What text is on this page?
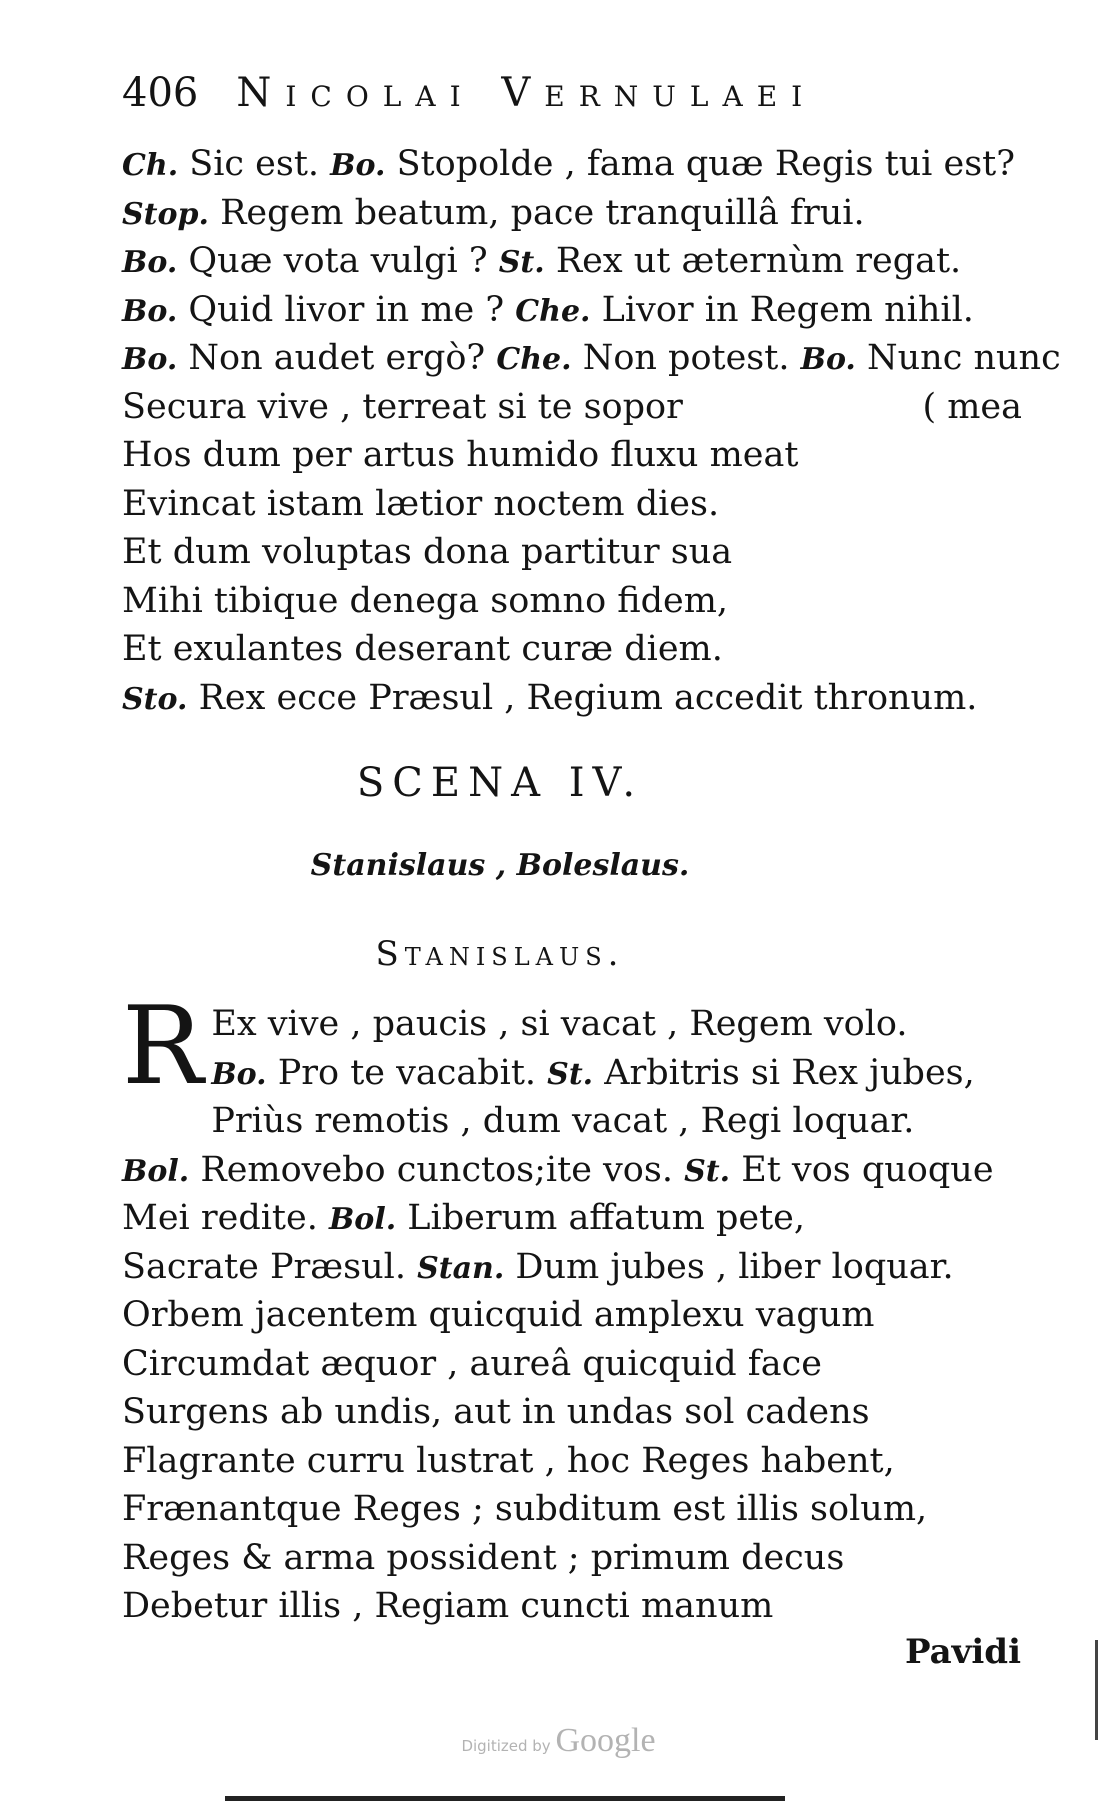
406 Nicolai Vernulaei
Ch. Sic est. Bo. Stopolde , fama quæ Regis tui est?
Stop. Regem beatum, pace tranquillâ frui.
Bo. Quæ vota vulgi ? St. Rex ut æternùm regat.
Bo. Quid livor in me ? Che. Livor in Regem nihil.
Bo. Non audet ergò? Che. Non potest. Bo. Nunc nunc
Secura vive , terreat si te sopor	( mea
Hos dum per artus humido fluxu meat
Evincat istam lætior noctem dies.
Et dum voluptas dona partitur sua
Mihi tibique denega somno fidem,
Et exulantes deserant curæ diem.
Sto. Rex ecce Præsul , Regium accedit thronum.
SCENA IV.
Stanislaus , Boleslaus.
Stanislaus.
R Ex vive , paucis , si vacat , Regem volo.
Bo. Pro te vacabit. St. Arbitris si Rex jubes,
Priùs remotis , dum vacat , Regi loquar.
Bol. Removebo cunctos;ite vos. St. Et vos quoque
Mei redite. Bol. Liberum affatum pete,
Sacrate Præsul. Stan. Dum jubes , liber loquar.
Orbem jacentem quicquid amplexu vagum
Circumdat æquor , aureâ quicquid face
Surgens ab undis, aut in undas sol cadens
Flagrante curru lustrat , hoc Reges habent,
Frænantque Reges ; subditum est illis solum,
Reges & arma possident ; primum decus
Debetur illis , Regiam cuncti manum
Pavidi
Digitized by Google
